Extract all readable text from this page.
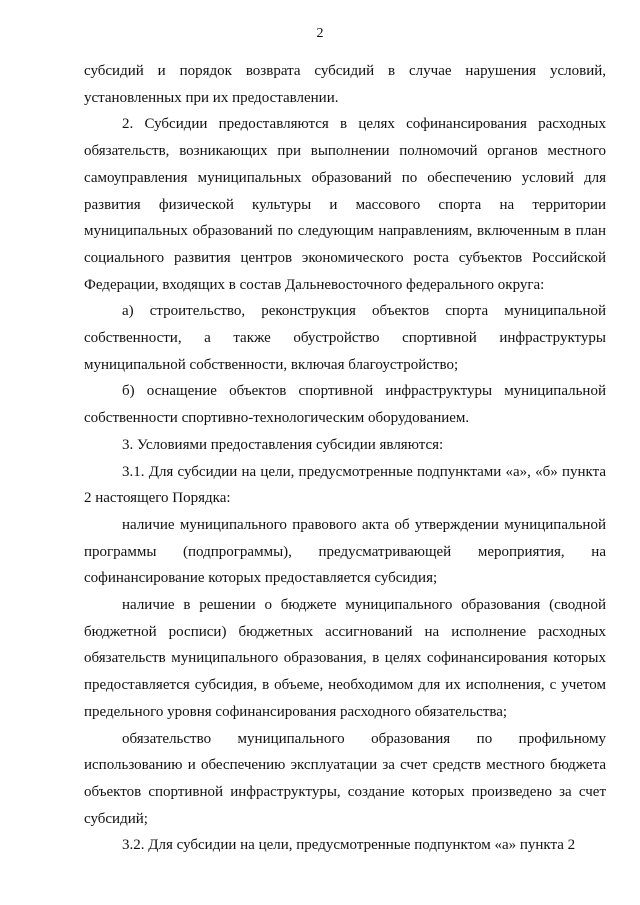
2

субсидий и порядок возврата субсидий в случае нарушения условий, установленных при их предоставлении.

2. Субсидии предоставляются в целях софинансирования расходных обязательств, возникающих при выполнении полномочий органов местного самоуправления муниципальных образований по обеспечению условий для развития физической культуры и массового спорта на территории муниципальных образований по следующим направлениям, включенным в план социального развития центров экономического роста субъектов Российской Федерации, входящих в состав Дальневосточного федерального округа:

а) строительство, реконструкция объектов спорта муниципальной собственности, а также обустройство спортивной инфраструктуры муниципальной собственности, включая благоустройство;

б) оснащение объектов спортивной инфраструктуры муниципальной собственности спортивно-технологическим оборудованием.

3. Условиями предоставления субсидии являются:

3.1. Для субсидии на цели, предусмотренные подпунктами «а», «б» пункта 2 настоящего Порядка:

наличие муниципального правового акта об утверждении муниципальной программы (подпрограммы), предусматривающей мероприятия, на софинансирование которых предоставляется субсидия;

наличие в решении о бюджете муниципального образования (сводной бюджетной росписи) бюджетных ассигнований на исполнение расходных обязательств муниципального образования, в целях софинансирования которых предоставляется субсидия, в объеме, необходимом для их исполнения, с учетом предельного уровня софинансирования расходного обязательства;

обязательство муниципального образования по профильному использованию и обеспечению эксплуатации за счет средств местного бюджета объектов спортивной инфраструктуры, создание которых произведено за счет субсидий;

3.2. Для субсидии на цели, предусмотренные подпунктом «а» пункта 2
